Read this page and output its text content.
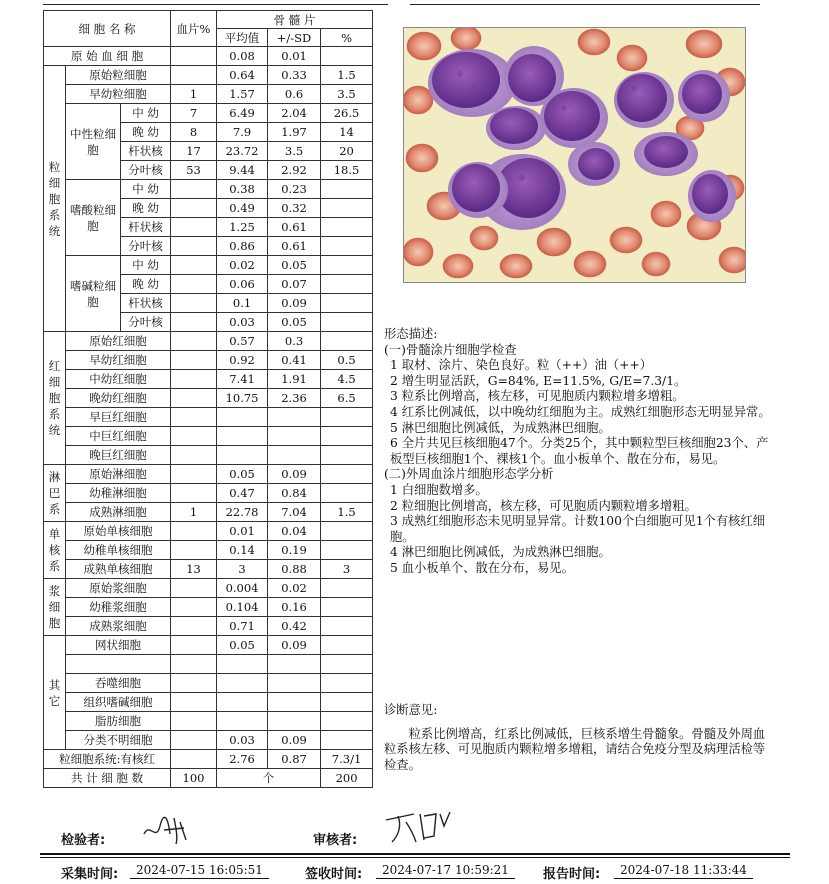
细 胞 名 称			血片%	骨 髓 片		
				平均值	+/-SD	%
原 始 血 细 胞				0.08	0.01	
粒细胞系统	原始粒细胞			0.64	0.33	1.5
	早幼粒细胞		1	1.57	0.6	3.5
	中性粒细胞	中 幼	7	6.49	2.04	26.5
		晚 幼	8	7.9	1.97	14
		杆状核	17	23.72	3.5	20
		分叶核	53	9.44	2.92	18.5
	嗜酸粒细胞	中 幼		0.38	0.23	
		晚 幼		0.49	0.32	
		杆状核		1.25	0.61	
		分叶核		0.86	0.61	
	嗜碱粒细胞	中 幼		0.02	0.05	
		晚 幼		0.06	0.07	
		杆状核		0.1	0.09	
		分叶核		0.03	0.05	
红细胞系统	原始红细胞			0.57	0.3	
	早幼红细胞			0.92	0.41	0.5
	中幼红细胞			7.41	1.91	4.5
	晚幼红细胞			10.75	2.36	6.5
	早巨红细胞					
	中巨红细胞					
	晚巨红细胞					
淋巴系	原始淋细胞			0.05	0.09	
	幼稚淋细胞			0.47	0.84	
	成熟淋细胞		1	22.78	7.04	1.5
单核系	原始单核细胞			0.01	0.04	
	幼稚单核细胞			0.14	0.19	
	成熟单核细胞		13	3	0.88	3
浆细胞	原始浆细胞			0.004	0.02	
	幼稚浆细胞			0.104	0.16	
	成熟浆细胞			0.71	0.42	
其它	网状细胞			0.05	0.09	

	吞噬细胞					
	组织嗜碱细胞					
	脂肪细胞					
	分类不明细胞			0.03	0.09	
粒细胞系统:有核红				2.76	0.87	7.3/1
共 计 细 胞 数			100	个		200
形态描述:
(一)骨髓涂片细胞学检查
1 取材、涂片、染色良好。粒（++）油（++）
2 增生明显活跃，G=84%, E=11.5%, G/E=7.3/1。
3 粒系比例增高，核左移，可见胞质内颗粒增多增粗。
4 红系比例减低，以中晚幼红细胞为主。成熟红细胞形态无明显异常。
5 淋巴细胞比例减低，为成熟淋巴细胞。
6 全片共见巨核细胞47个。分类25个，其中颗粒型巨核细胞23个、产板型巨核细胞1个、裸核1个。血小板单个、散在分布，易见。
(二)外周血涂片细胞形态学分析
1 白细胞数增多。
2 粒细胞比例增高，核左移，可见胞质内颗粒增多增粗。
3 成熟红细胞形态未见明显异常。计数100个白细胞可见1个有核红细胞。
4 淋巴细胞比例减低，为成熟淋巴细胞。
5 血小板单个、散在分布，易见。
诊断意见:
粒系比例增高，红系比例减低，巨核系增生骨髓象。骨髓及外周血粒系核左移、可见胞质内颗粒增多增粗，请结合免疫分型及病理活检等检查。
检验者:	审核者:
采集时间:	2024-07-15 16:05:51	签收时间:	2024-07-17 10:59:21	报告时间:	2024-07-18 11:33:44
